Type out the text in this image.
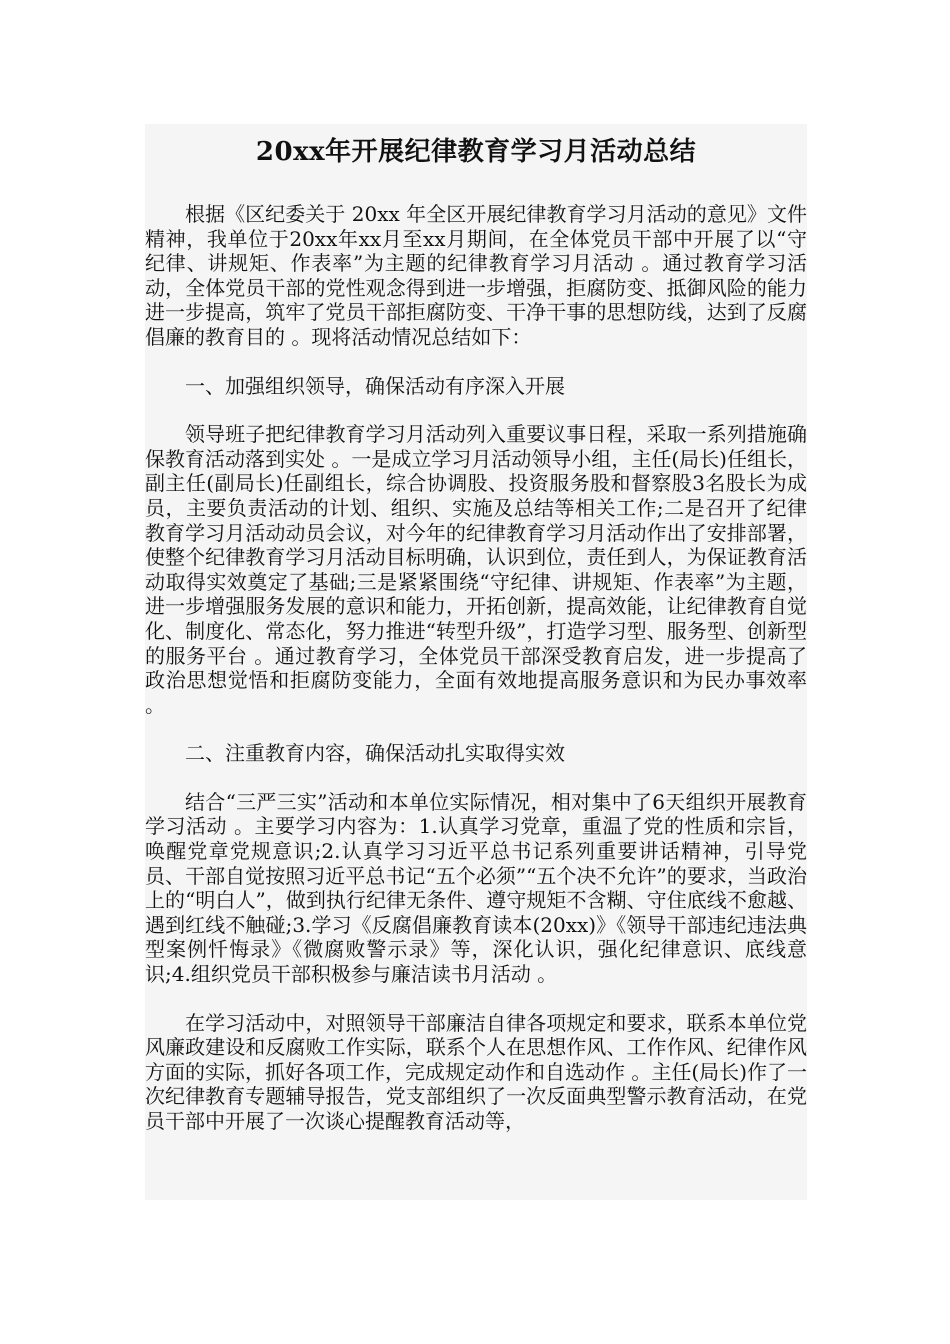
20xx年开展纪律教育学习月活动总结

根据《区纪委关于 20xx 年全区开展纪律教育学习月活动的意见》文件精神，我单位于20xx年xx月至xx月期间，在全体党员干部中开展了以“守纪律、讲规矩、作表率”为主题的纪律教育学习月活动 。通过教育学习活动，全体党员干部的党性观念得到进一步增强，拒腐防变、抵御风险的能力进一步提高，筑牢了党员干部拒腐防变、干净干事的思想防线，达到了反腐倡廉的教育目的 。现将活动情况总结如下：

一、加强组织领导，确保活动有序深入开展

领导班子把纪律教育学习月活动列入重要议事日程，采取一系列措施确保教育活动落到实处 。一是成立学习月活动领导小组，主任(局长)任组长，副主任(副局长)任副组长，综合协调股、投资服务股和督察股3名股长为成员，主要负责活动的计划、组织、实施及总结等相关工作;二是召开了纪律教育学习月活动动员会议，对今年的纪律教育学习月活动作出了安排部署，使整个纪律教育学习月活动目标明确，认识到位，责任到人，为保证教育活动取得实效奠定了基础;三是紧紧围绕“守纪律、讲规矩、作表率”为主题，进一步增强服务发展的意识和能力，开拓创新，提高效能，让纪律教育自觉化、制度化、常态化，努力推进“转型升级”，打造学习型、服务型、创新型的服务平台 。通过教育学习，全体党员干部深受教育启发，进一步提高了政治思想觉悟和拒腐防变能力，全面有效地提高服务意识和为民办事效率 。

二、注重教育内容，确保活动扎实取得实效

结合“三严三实”活动和本单位实际情况，相对集中了6天组织开展教育学习活动 。主要学习内容为：1.认真学习党章，重温了党的性质和宗旨，唤醒党章党规意识;2.认真学习习近平总书记系列重要讲话精神，引导党员、干部自觉按照习近平总书记“五个必须”“五个决不允许”的要求，当政治上的“明白人”，做到执行纪律无条件、遵守规矩不含糊、守住底线不愈越、遇到红线不触碰;3.学习《反腐倡廉教育读本(20xx)》《领导干部违纪违法典型案例忏悔录》《微腐败警示录》等，深化认识，强化纪律意识、底线意识;4.组织党员干部积极参与廉洁读书月活动 。

在学习活动中，对照领导干部廉洁自律各项规定和要求，联系本单位党风廉政建设和反腐败工作实际，联系个人在思想作风、工作作风、纪律作风方面的实际，抓好各项工作，完成规定动作和自选动作 。主任(局长)作了一次纪律教育专题辅导报告，党支部组织了一次反面典型警示教育活动，在党员干部中开展了一次谈心提醒教育活动等，
